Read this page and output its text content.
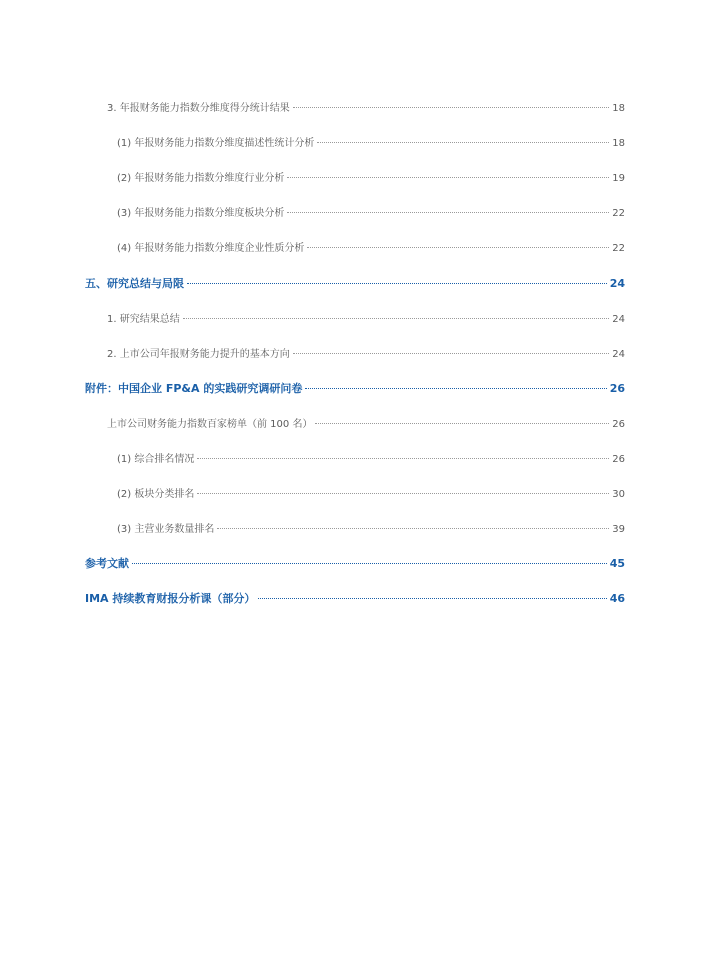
3. 年报财务能力指数分维度得分统计结果	18
(1) 年报财务能力指数分维度描述性统计分析	18
(2) 年报财务能力指数分维度行业分析	19
(3) 年报财务能力指数分维度板块分析	22
(4) 年报财务能力指数分维度企业性质分析	22
五、研究总结与局限	24
1. 研究结果总结	24
2. 上市公司年报财务能力提升的基本方向	24
附件：中国企业 FP&A 的实践研究调研问卷	26
上市公司财务能力指数百家榜单（前 100 名）	26
(1) 综合排名情况	26
(2) 板块分类排名	30
(3) 主营业务数量排名	39
参考文献	45
IMA 持续教育财报分析课（部分）	46
